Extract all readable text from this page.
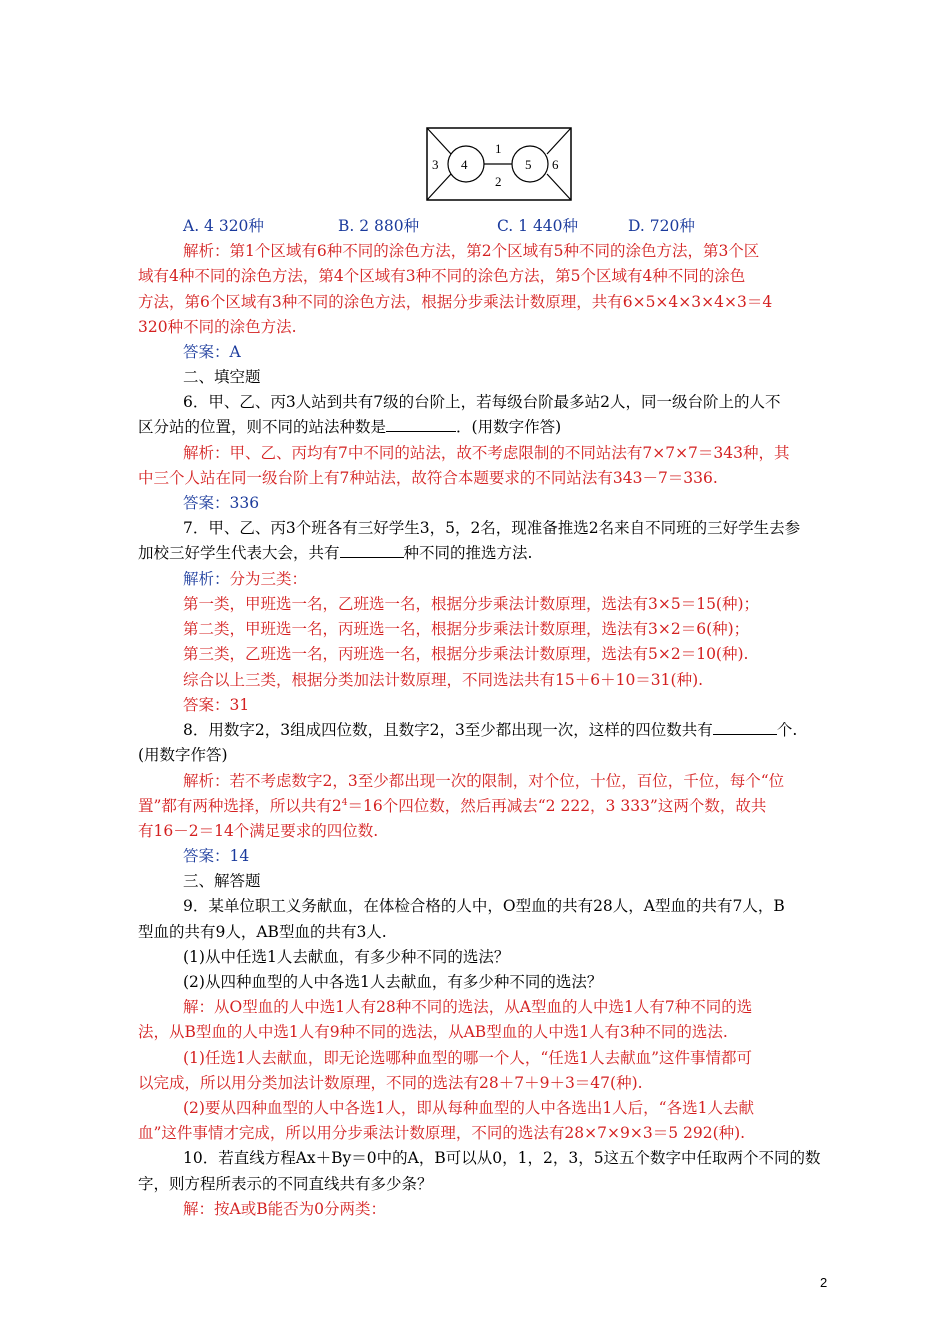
1
2
3 4	5 6
A. 4 320种	B. 2 880种	C. 1 440种	D. 720种
解析：第1个区域有6种不同的涂色方法，第2个区域有5种不同的涂色方法，第3个区
域有4种不同的涂色方法，第4个区域有3种不同的涂色方法，第5个区域有4种不同的涂色
方法，第6个区域有3种不同的涂色方法，根据分步乘法计数原理，共有6×5×4×3×4×3＝4
320种不同的涂色方法.
答案：A
二、填空题
6．甲、乙、丙3人站到共有7级的台阶上，若每级台阶最多站2人，同一级台阶上的人不
区分站的位置，则不同的站法种数是	．(用数字作答)
解析：甲、乙、丙均有7中不同的站法，故不考虑限制的不同站法有7×7×7＝343种，其
中三个人站在同一级台阶上有7种站法，故符合本题要求的不同站法有343－7＝336.
答案：336
7．甲、乙、丙3个班各有三好学生3，5，2名，现准备推选2名来自不同班的三好学生去参
加校三好学生代表大会，共有	种不同的推选方法.
解析：分为三类：
第一类，甲班选一名，乙班选一名，根据分步乘法计数原理，选法有3×5＝15(种)；
第二类，甲班选一名，丙班选一名，根据分步乘法计数原理，选法有3×2＝6(种)；
第三类，乙班选一名，丙班选一名，根据分步乘法计数原理，选法有5×2＝10(种).
综合以上三类，根据分类加法计数原理，不同选法共有15＋6＋10＝31(种).
答案：31
8．用数字2，3组成四位数，且数字2，3至少都出现一次，这样的四位数共有	个.
(用数字作答)
解析：若不考虑数字2，3至少都出现一次的限制，对个位，十位，百位，千位，每个“位
置”都有两种选择，所以共有$2^4=16$个四位数，然后再减去“2 222，3 333”这两个数，故共
有16－2＝14个满足要求的四位数.
答案：14
三、解答题
9．某单位职工义务献血，在体检合格的人中，O型血的共有28人，A型血的共有7人，B
型血的共有9人，AB型血的共有3人.
(1)从中任选1人去献血，有多少种不同的选法？
(2)从四种血型的人中各选1人去献血，有多少种不同的选法？
解：从O型血的人中选1人有28种不同的选法，从A型血的人中选1人有7种不同的选
法，从B型血的人中选1人有9种不同的选法，从AB型血的人中选1人有3种不同的选法.
(1)任选1人去献血，即无论选哪种血型的哪一个人，“任选1人去献血”这件事情都可
以完成，所以用分类加法计数原理，不同的选法有28＋7＋9＋3＝47(种).
(2)要从四种血型的人中各选1人，即从每种血型的人中各选出1人后，“各选1人去献
血”这件事情才完成，所以用分步乘法计数原理，不同的选法有28×7×9×3＝5 292(种).
10．若直线方程Ax＋By＝0中的A，B可以从0，1，2，3，5这五个数字中任取两个不同的数
字，则方程所表示的不同直线共有多少条？
解：按A或B能否为0分两类：
2
